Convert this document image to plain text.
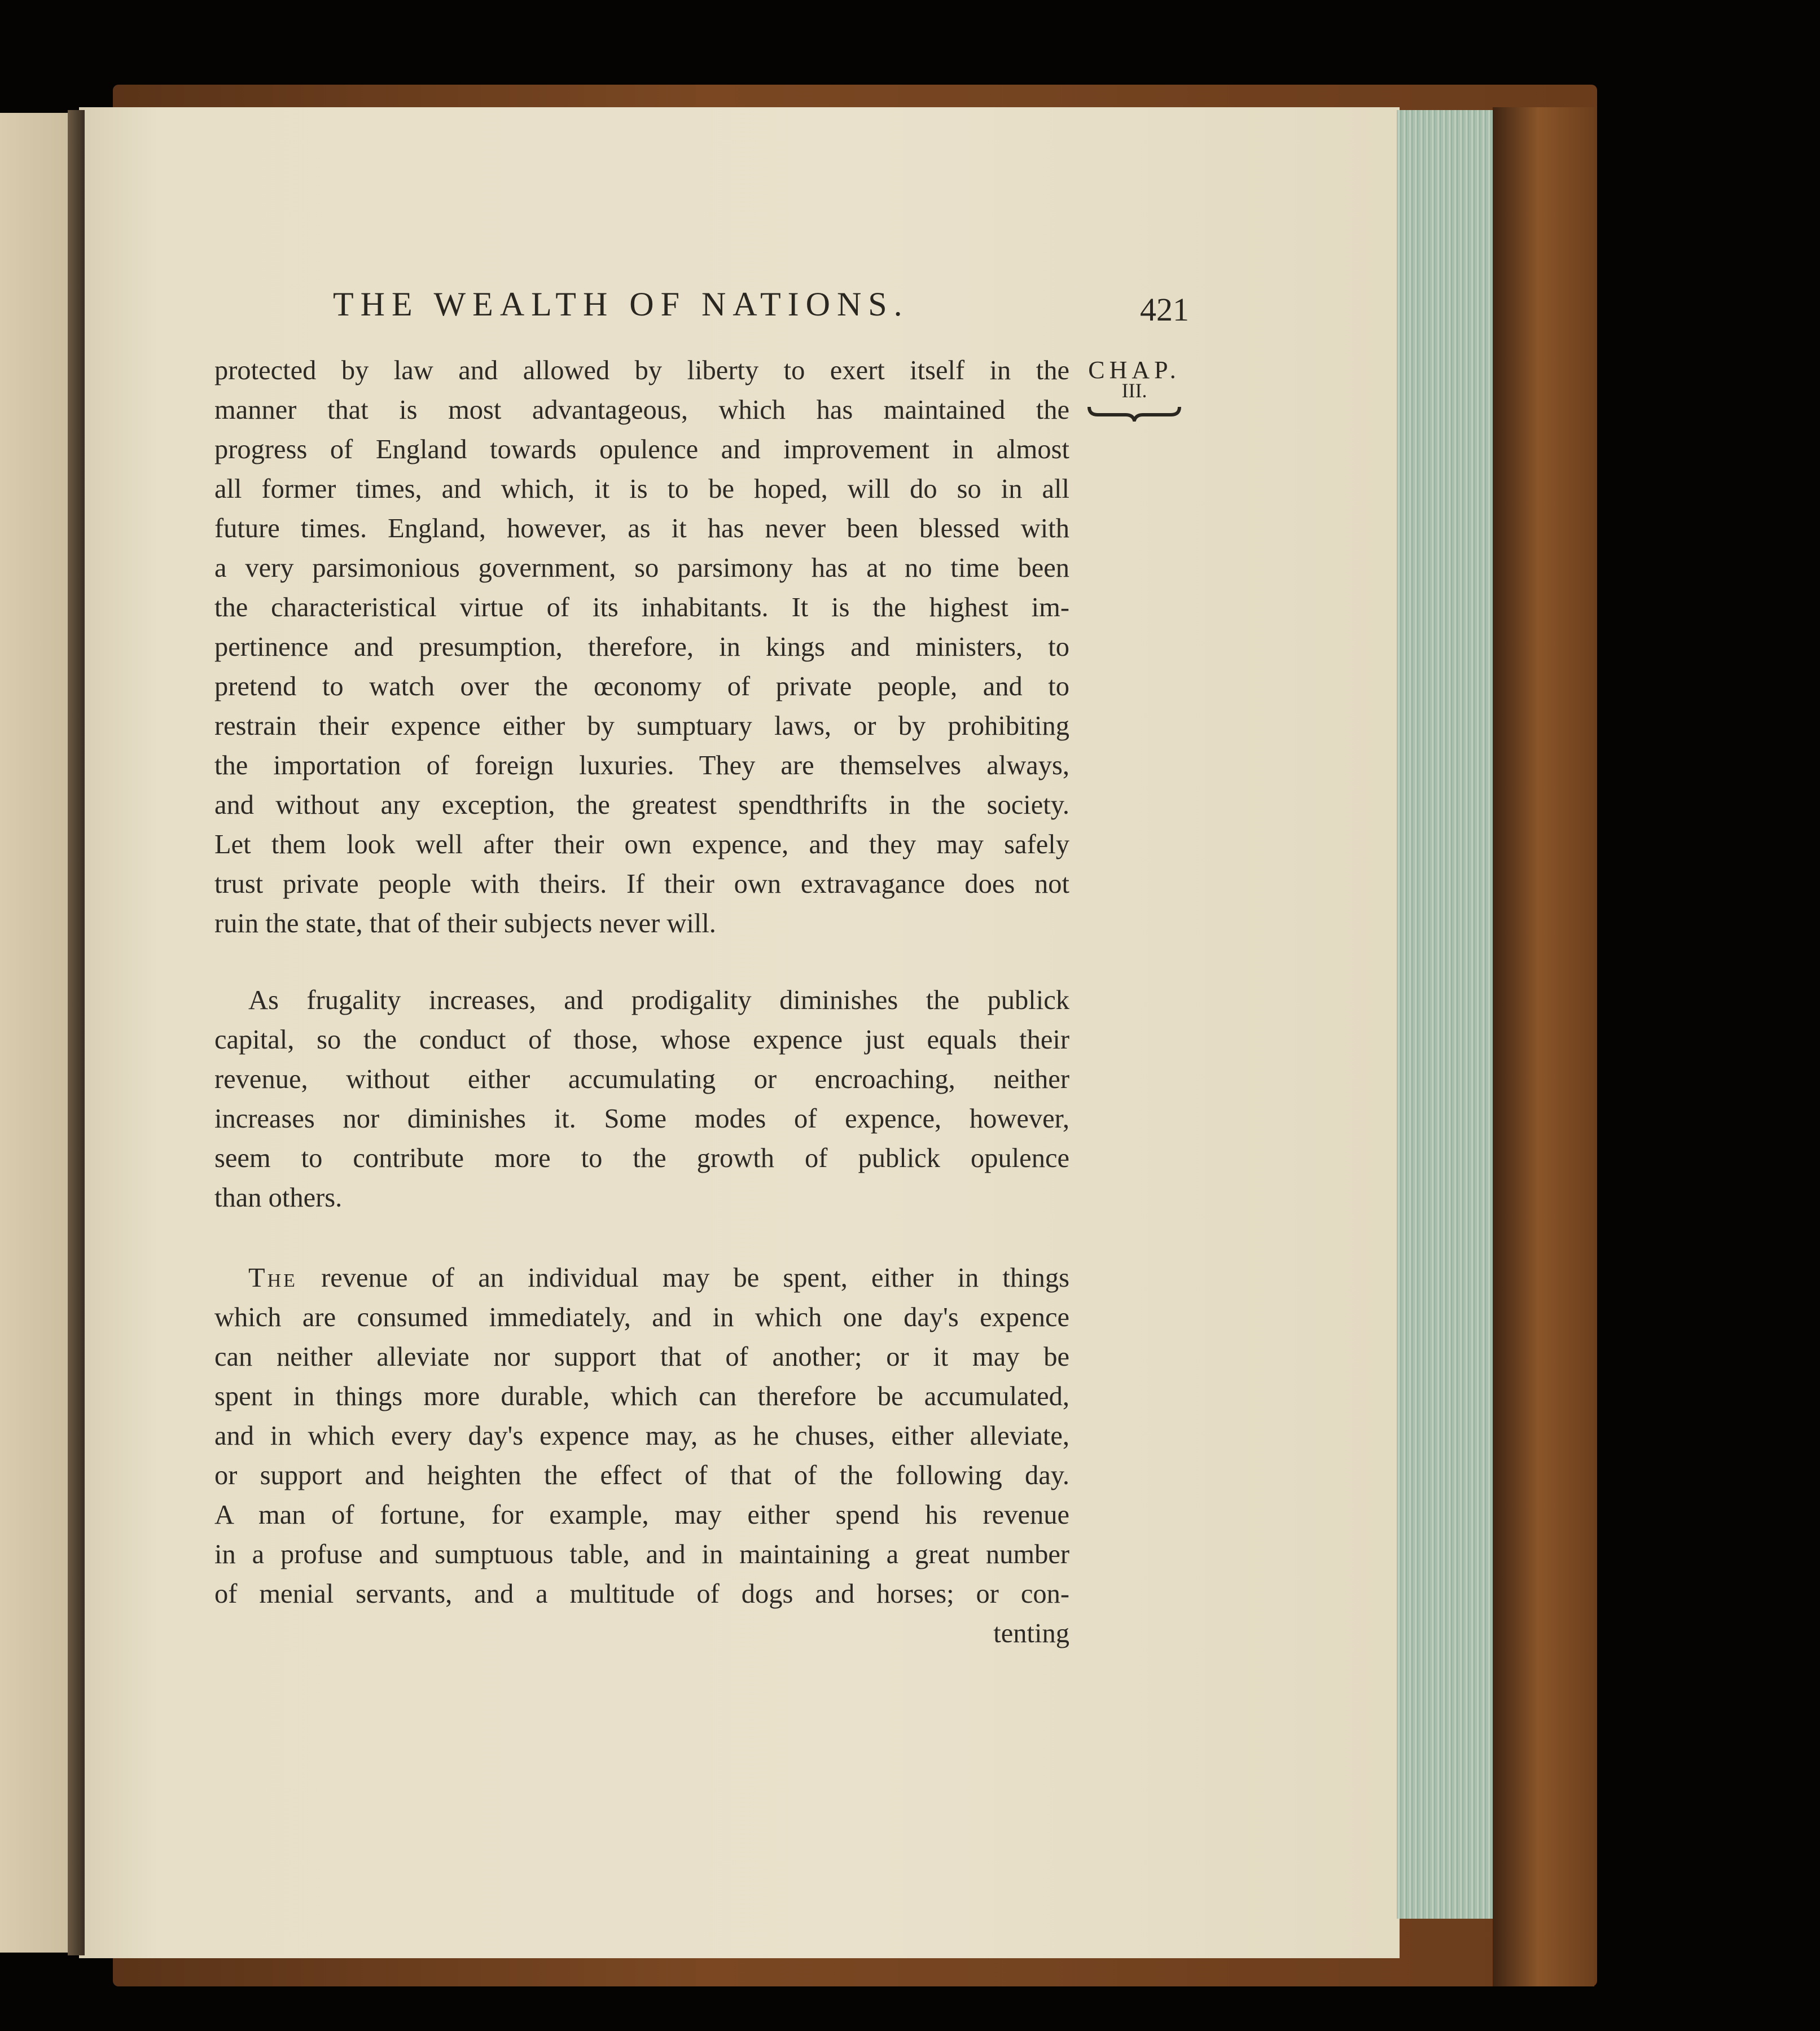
THE WEALTH OF NATIONS.	421
CHAP.
III.

protected by law and allowed by liberty to exert itself in the

manner that is most advantageous, which has maintained the

progress of England towards opulence and improvement in almost

all former times, and which, it is to be hoped, will do so in all

future times. England, however, as it has never been blessed with

a very parsimonious government, so parsimony has at no time been

the characteristical virtue of its inhabitants. It is the highest im-

pertinence and presumption, therefore, in kings and ministers, to

pretend to watch over the œconomy of private people, and to

restrain their expence either by sumptuary laws, or by prohibiting

the importation of foreign luxuries. They are themselves always,

and without any exception, the greatest spendthrifts in the society.

Let them look well after their own expence, and they may safely

trust private people with theirs. If their own extravagance does not

ruin the state, that of their subjects never will.

As frugality increases, and prodigality diminishes the publick

capital, so the conduct of those, whose expence just equals their

revenue, without either accumulating or encroaching, neither

increases nor diminishes it. Some modes of expence, however,

seem to contribute more to the growth of publick opulence

than others.

The revenue of an individual may be spent, either in things

which are consumed immediately, and in which one day's expence

can neither alleviate nor support that of another; or it may be

spent in things more durable, which can therefore be accumulated,

and in which every day's expence may, as he chuses, either alleviate,

or support and heighten the effect of that of the following day.

A man of fortune, for example, may either spend his revenue

in a profuse and sumptuous table, and in maintaining a great number

of menial servants, and a multitude of dogs and horses; or con-

tenting
